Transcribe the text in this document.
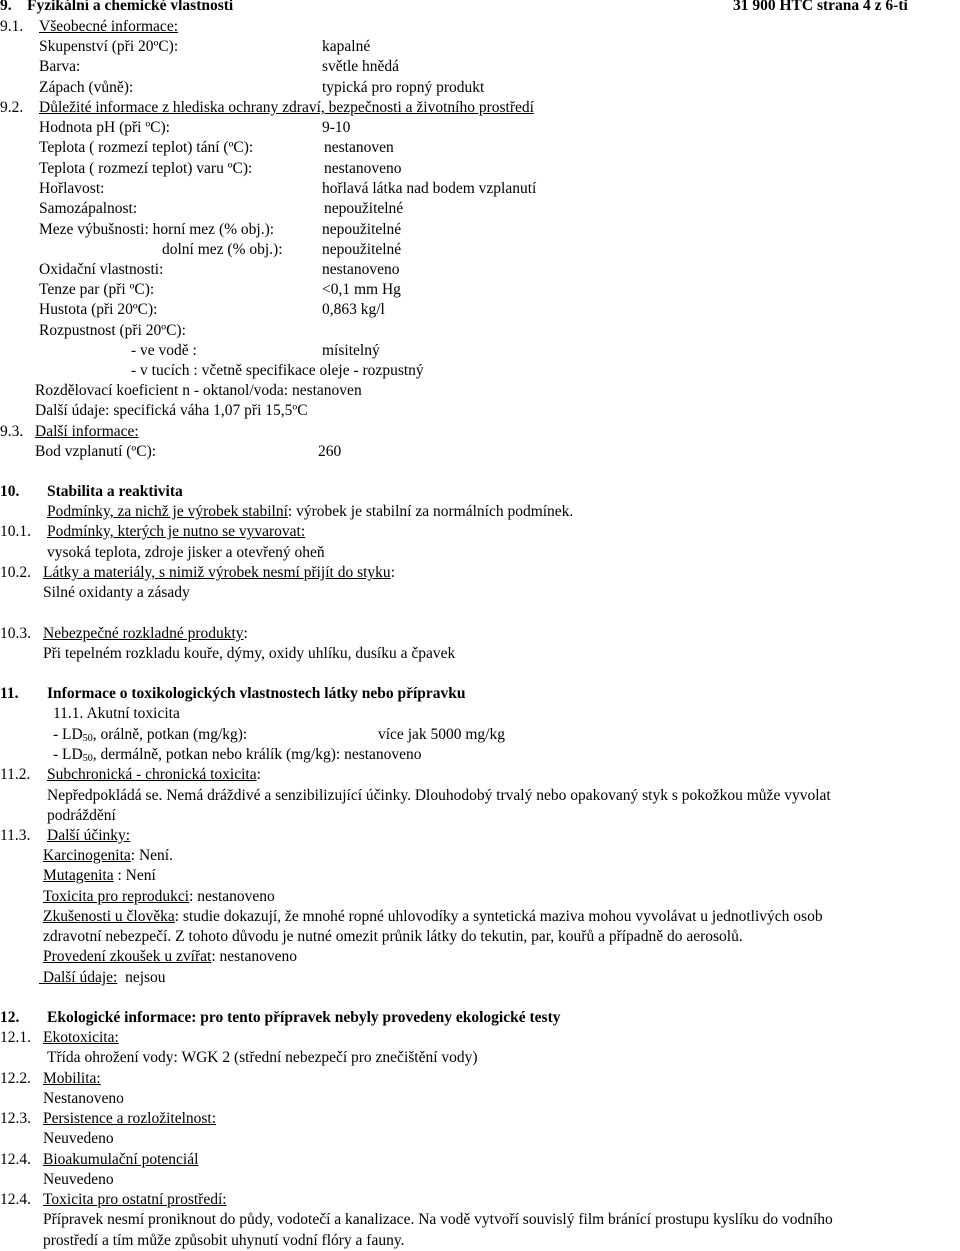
9. Fyzikální a chemické vlastnosti	31 900 HTC strana 4 z 6-ti
9.1. Všeobecné informace:
Skupenství (při 20ºC):	kapalné
Barva:	světle hnědá
Zápach (vůně):	typická pro ropný produkt
9.2. Důležité informace z hlediska ochrany zdraví, bezpečnosti a životního prostředí
Hodnota pH (při ºC):	9-10
Teplota ( rozmezí teplot) tání (ºC):	nestanoven
Teplota ( rozmezí teplot) varu ºC):	nestanoveno
Hořlavost:	hořlavá látka nad bodem vzplanutí
Samozápalnost:	nepoužitelné
Meze výbušnosti: horní mez (% obj.):	nepoužitelné
dolní mez (% obj.):	nepoužitelné
Oxidační vlastnosti:	nestanoveno
Tenze par (při ºC):	<0,1 mm Hg
Hustota (při 20ºC):	0,863 kg/l
Rozpustnost (při 20ºC):
- ve vodě :	mísitelný
- v tucích : včetně specifikace oleje - rozpustný
Rozdělovací koeficient n - oktanol/voda: nestanoven
Další údaje: specifická váha 1,07 při 15,5ºC
9.3. Další informace:
Bod vzplanutí (ºC):	260
10. Stabilita a reaktivita
Podmínky, za nichž je výrobek stabilní: výrobek je stabilní za normálních podmínek.
10.1. Podmínky, kterých je nutno se vyvarovat:
vysoká teplota, zdroje jisker a otevřený oheň
10.2. Látky a materiály, s nimiž výrobek nesmí přijít do styku:
Silné oxidanty a zásady
10.3. Nebezpečné rozkladné produkty:
Při tepelném rozkladu kouře, dýmy, oxidy uhlíku, dusíku a čpavek
11. Informace o toxikologických vlastnostech látky nebo přípravku
11.1. Akutní toxicita
- $LD_{50}$, orálně, potkan (mg/kg):	více jak 5000 mg/kg
- $LD_{50}$, dermálně, potkan nebo králík (mg/kg): nestanoveno
11.2. Subchronická - chronická toxicita:
Nepředpokládá se. Nemá dráždivé a senzibilizující účinky. Dlouhodobý trvalý nebo opakovaný styk s pokožkou může vyvolat
podráždění
11.3. Další účinky:
Karcinogenita: Není.
Mutagenita : Není
Toxicita pro reprodukci: nestanoveno
Zkušenosti u člověka: studie dokazují, že mnohé ropné uhlovodíky a syntetická maziva mohou vyvolávat u jednotlivých osob
zdravotní nebezpečí. Z tohoto důvodu je nutné omezit průnik látky do tekutin, par, kouřů a případně do aerosolů.
Provedení zkoušek u zvířat: nestanoveno
Další údaje:  nejsou
12. Ekologické informace: pro tento přípravek nebyly provedeny ekologické testy
12.1. Ekotoxicita:
Třída ohrožení vody: WGK 2 (střední nebezpečí pro znečištění vody)
12.2. Mobilita:
Nestanoveno
12.3. Persistence a rozložitelnost:
Neuvedeno
12.4. Bioakumulační potenciál
Neuvedeno
12.4. Toxicita pro ostatní prostředí:
Přípravek nesmí proniknout do půdy, vodotečí a kanalizace. Na vodě vytvoří souvislý film bránící prostupu kyslíku do vodního
prostředí a tím může způsobit uhynutí vodní flóry a fauny.
